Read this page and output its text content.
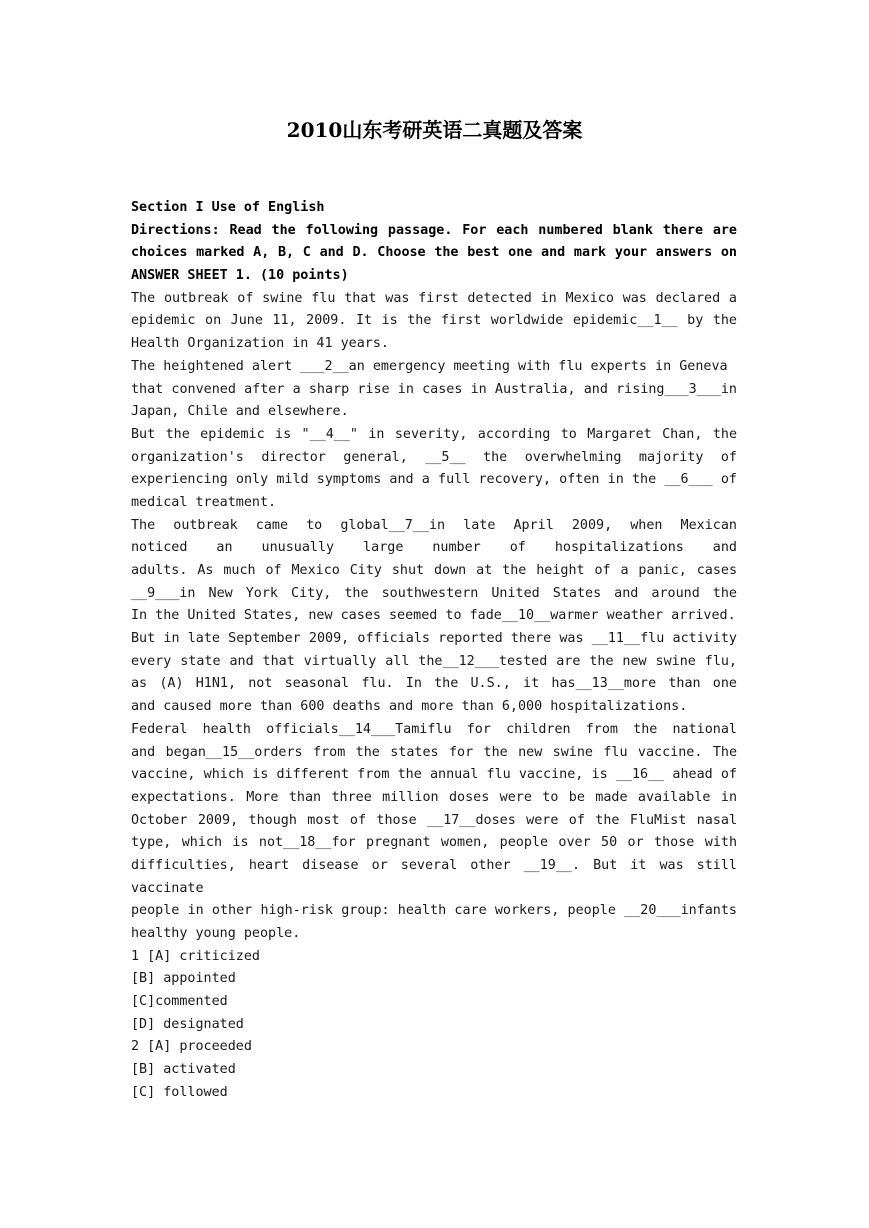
2010山东考研英语二真题及答案
Section I Use of English
Directions: Read the following passage. For each numbered blank there are
choices marked A, B, C and D. Choose the best one and mark your answers on
ANSWER SHEET 1. (10 points)
The outbreak of swine flu that was first detected in Mexico was declared a
epidemic on June 11, 2009. It is the first worldwide epidemic__1__ by the
Health Organization in 41 years.
The heightened alert ___2__an emergency meeting with flu experts in Geneva
that convened after a sharp rise in cases in Australia, and rising___3___in
Japan, Chile and elsewhere.
But the epidemic is "__4__" in severity, according to Margaret Chan, the
organization's director general, __5__ the overwhelming majority of
experiencing only mild symptoms and a full recovery, often in the __6___ of
medical treatment.
The outbreak came to global__7__in late April 2009, when Mexican
noticed an unusually large number of hospitalizations and
adults. As much of Mexico City shut down at the height of a panic, cases
__9___in New York City, the southwestern United States and around the
In the United States, new cases seemed to fade__10__warmer weather arrived.
But in late September 2009, officials reported there was __11__flu activity
every state and that virtually all the__12___tested are the new swine flu,
as (A) H1N1, not seasonal flu. In the U.S., it has__13__more than one
and caused more than 600 deaths and more than 6,000 hospitalizations.
Federal health officials__14___Tamiflu for children from the national
and began__15__orders from the states for the new swine flu vaccine. The
vaccine, which is different from the annual flu vaccine, is __16__ ahead of
expectations. More than three million doses were to be made available in
October 2009, though most of those __17__doses were of the FluMist nasal
type, which is not__18__for pregnant women, people over 50 or those with
difficulties, heart disease or several other __19__. But it was still
vaccinate
people in other high-risk group: health care workers, people __20___infants
healthy young people.
1 [A] criticized
[B] appointed
[C]commented
[D] designated
2 [A] proceeded
[B] activated
[C] followed
